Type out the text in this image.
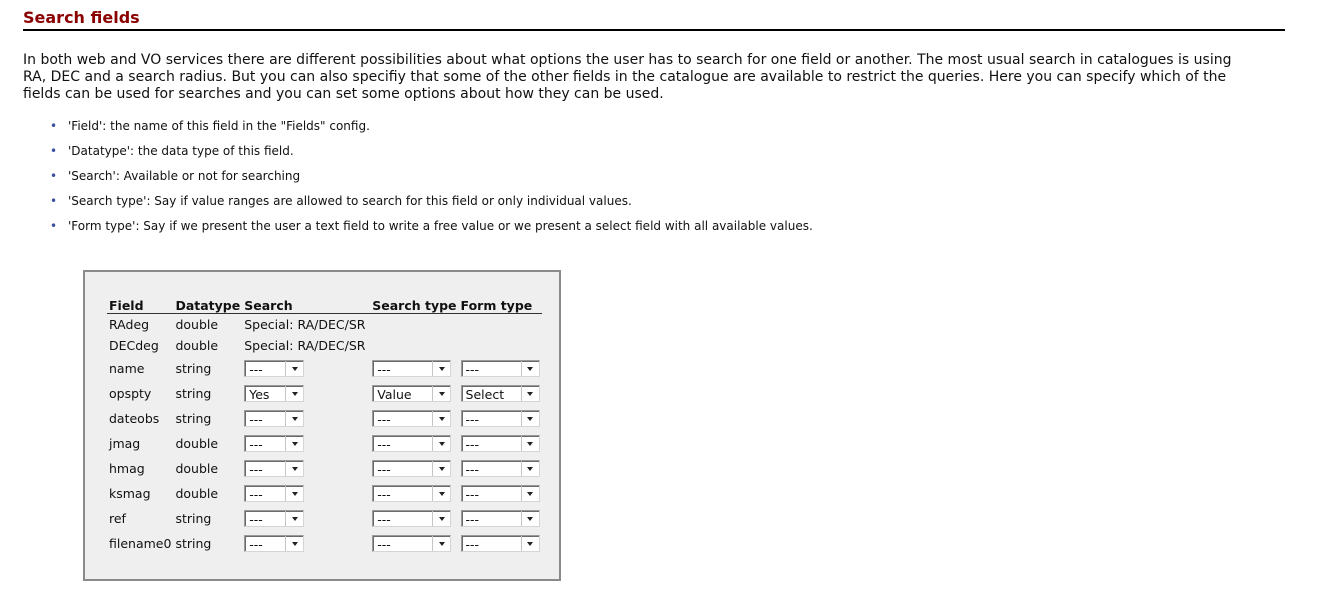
Search fields

In both web and VO services there are different possibilities about what options the user has to search for one field or another. The most usual search in catalogues is using RA, DEC and a search radius. But you can also specifiy that some of the other fields in the catalogue are available to restrict the queries. Here you can specify which of the fields can be used for searches and you can set some options about how they can be used.

• 'Field': the name of this field in the "Fields" config.
• 'Datatype': the data type of this field.
• 'Search': Available or not for searching
• 'Search type': Say if value ranges are allowed to search for this field or only individual values.
• 'Form type': Say if we present the user a text field to write a free value or we present a select field with all available values.
Field	Datatype	Search	Search type	Form type
RAdeg	double	Special: RA/DEC/SR		
DECdeg	double	Special: RA/DEC/SR		
name	string	---	---	---

opspty	string	Yes	Value	Select

dateobs	string	---	---	---

jmag	double	---	---	---

hmag	double	---	---	---

ksmag	double	---	---	---

ref	string	---	---	---

filename0	string	---	---	---
